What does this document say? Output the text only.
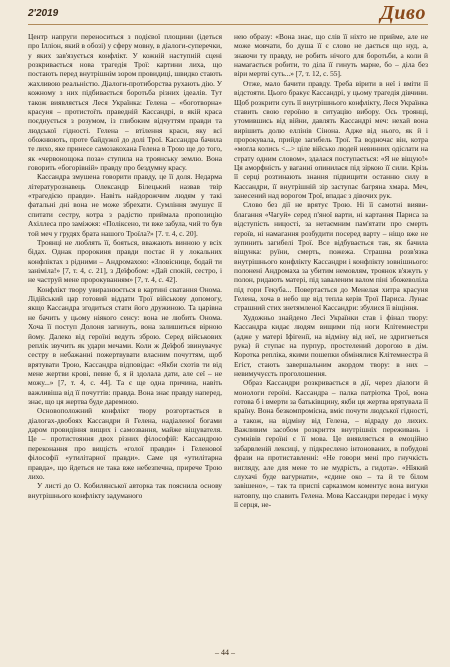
2'2019	Дивo

Центр напруги переноситься з подієвої площини (ідеться про Ілліон, який в обозі) у сферу мовну, в діалоги-суперечки, у яких зав'язується конфлікт. У кожній наступній сцені розкривається нова трагедія Трої: картини лиха, що постають перед внутрішнім зором провидиці, швидко стають жахливою реальністю. Діалоги-протиборства рухають дію. У кожному з них підбивається боротьба різних ідеалів. Тут також виявляється Леся Українка: Гелена – «боготворна» красуня – протистоїть праведній Кассандрі, в якій краса поєднується з розумом, із глибоким відчуттям правди та людської гідності. Гелена – втілення краси, яку всі обожнюють, проте байдужої до долі Трої. Кассандра бачила те лихо, яке принесе самозакохана Гелена в Трою ще до того, як «червонощока поза» ступила на троянську землю. Вона говорить «богорівній» правду про бездумну красу.

Кассандра змушена говорити правду, це її доля. Недарма літературознавець Олександр Білецький назвав твір «трагедією правди». Навіть найдорожчим людям у такі фатальні дні вона не може збрехати. Сумління змушує її спитати сестру, котра з радістю приймала пропозицію Ахіллеса про заміжжя: «Поліксено, ти вже забула, чий то був той меч у грудях брата нашого Троїла?» [7. т. 4, с. 20].

Троянці не люблять її, бояться, вважають винною у всіх бідах. Однак пророкиня правди постає й у локальних конфліктах з рідними – Андромахою: «Зловіснице, бодай ти заніміла!» [7, т. 4, с. 21], з Деїфобом: «Дай спокій, сестро, і не частруй мене пророкуванням» [7, т. 4, с. 42].

Конфлікт твору увиразнюється в картині сватання Онома. Лідійський цар готовий віддати Трої військову допомогу, якщо Кассандра згодиться стати його дружиною. Та царівна не бачить у цьому ніякого сенсу: вона не любить Онома. Хоча її поступ Долоня загинуть, вона залишиться вірною йому. Далеко від героїні ведуть зброю. Серед військових реплік звучить як удари мечами. Коли ж Деїфоб звинувачує сестру в небажанні пожертвувати власним почуттям, щоб врятувати Трою, Кассандра відповідає: «Якби схотів ти від мене жертви крові, певне б, я й здолала дати, але сеї – не можу...» [7, т. 4, с. 44]. Та є ще одна причина, навіть важливіша від її почуттів: правда. Вона знає правду наперед, знає, що ця жертва буде даремною.

Основоположний конфлікт твору розгортається в діалогах-двобоях Кассандри й Гелена, надіаленої богами даром провидіння вищих і самозвання, майже віщувателя. Це – протистояння двох різних філософій: Кассандрою переконання про вищість «голої правди» і Геленової філософії «утилітарної правди». Саме ця «утилітарна правда», що йдеться не така вже небезпечна, прирече Трою лихо.

У листі до О. Кобилянської авторка так пояснила основу внутрішнього конфлікту задуманого

нею образу: «Вона знає, що слів її ніхто не прийме, але не може мовчати, бо душа її є слово не дається що нуд, а, знаючи ту правду, не робить нічого для боротьби, а коли й намагається робити, то діла її гинуть марне, бо – діла без віри мертві суть...» [7, т. 12, с. 55].

Отже, мало бачити правду. Треба вірити в неї і вміти її відстояти. Цього бракує Кассандрі, у цьому трагедія дівчини. Щоб розкрити суть її внутрішнього конфлікту, Леся Українка ставить свою героїню в ситуацію вибору. Ось троянці, утомившись від війни, давлять Кассандрі меч: нехай вона вирішить долю еллінів Сінона. Адже від нього, як й і пророкувала, прийде загибель Трої. Та водночас він, котра «могла колись <...> ціле військо людей невинних одіслати на страту одним словом», здалася поступається: «Я не віщую!» Ця аморфність у ваганні опинилася під зіркою її сили. Крізь її серці розтинають знання підвищити останню силу в Кассандри, її внутрішній зір заступає багряна хмара. Меч, занесений над ворогом Трої, впадає з дівочих рук.

Слово без дії не врятує Трою. Ні її самотні вияви-благання «Чагуй» серед п'яної варти, ні картання Париса за відступість ницості, за нетаємним пам'ятати про смерть героїв, ні намагання розбудити посеред варту – ніщо вже не зупинить загибелі Трої. Все відбувається так, як бачила віщунка: руїни, смерть, пожежа. Страшна розв'язка внутрішнього конфлікту Кассандри і конфлікту зовнішнього: полонені Андромаха за убитим немовлям, троянок в'яжуть у полон, ридають матері, під заваленим валом піні збожеволіла під гори Гекуба... Повертається до Менелая хитра красуня Гелена, хоча в небо ще від тепла керів Трої Париса. Лунає страшний стих знетямленої Кассандри: збулися її віщіння.

Художньо знайдено Лесі Українки став і фінал твору: Кассандра кидає людям вищими під ноги Клітемнестри (адже у матері Іфігенії, на відміну від неї, не здригнеться рука) й ступає на пурпур, простелений дорогою в дім. Коротка репліка, якими пошепки обмінялися Клітемнестра й Егіст, стають завершальним акордом твору: в них – невимучуєсть проголошення.

Образ Кассандри розкривається в дії, через діалоги й монологи героїні. Кассандра – палка патріотка Трої, вона готова б і вмерти за батьківщину, якби ця жертва врятувала її країну. Вона безкомпромісна, вміє почути людської гідності, а також, на відміну від Гелена, – відраду до лихих. Важливим засобом розкриття внутрішніх переживань і сумнівів героїні є її мова. Це виявляється в емоційно забарвленій лексиці, у підкреслено інтонованих, в побудові фрази на протиставленні: «Не говори мені про гнучкість вигляду, але для мене то не мудрість, а гидота». «Нїякий слухачі буде вагурнати», «єдине око – та й те білом завішено», – так та приспі сарказмом коментує вона вигуки натовпу, що славить Гелена. Мова Кассандри передає і муку її серця, не-

– 44 –
